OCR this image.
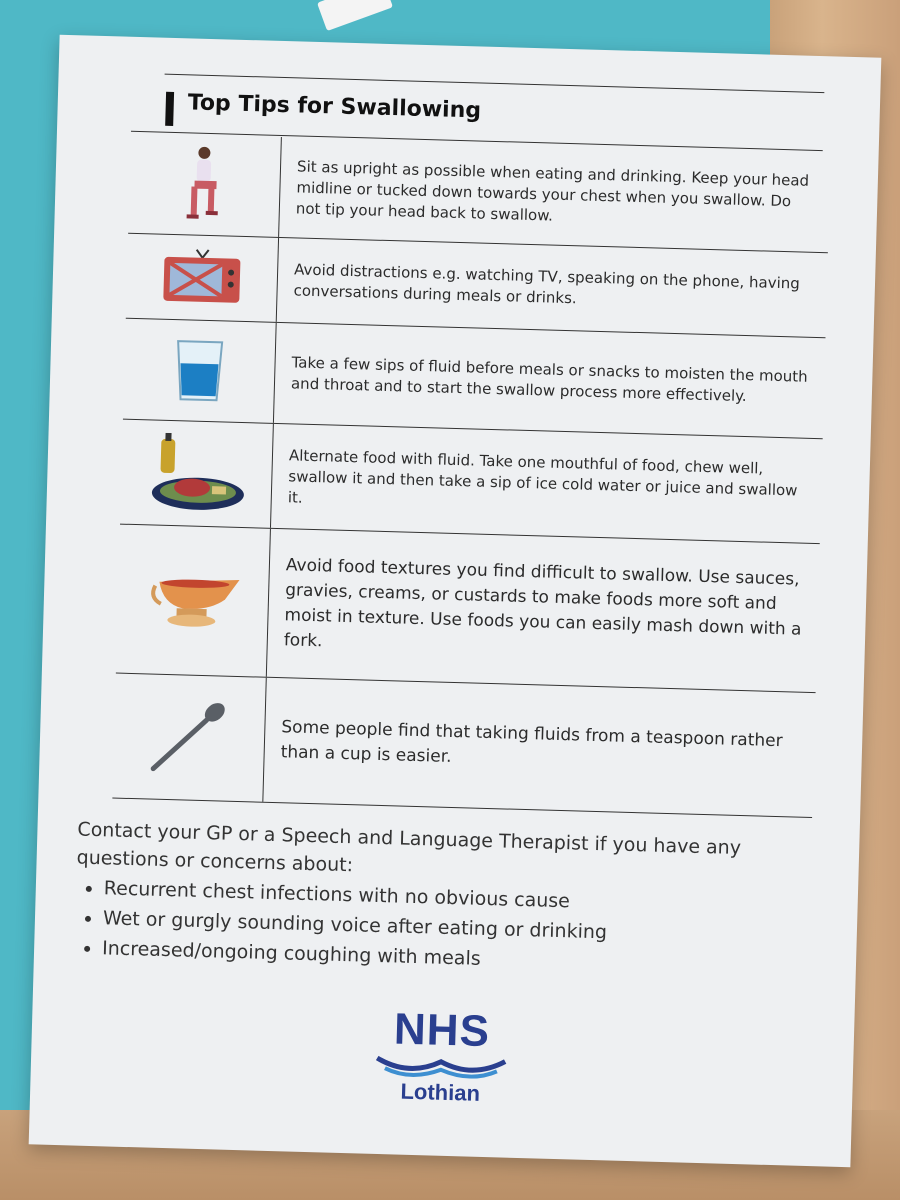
Top Tips for Swallowing
Sit as upright as possible when eating and drinking. Keep your head midline or tucked down towards your chest when you swallow. Do not tip your head back to swallow.
Avoid distractions e.g. watching TV, speaking on the phone, having conversations during meals or drinks.
Take a few sips of fluid before meals or snacks to moisten the mouth and throat and to start the swallow process more effectively.
Alternate food with fluid. Take one mouthful of food, chew well, swallow it and then take a sip of ice cold water or juice and swallow it.
Avoid food textures you find difficult to swallow. Use sauces, gravies, creams, or custards to make foods more soft and moist in texture. Use foods you can easily mash down with a fork.
Some people find that taking fluids from a teaspoon rather than a cup is easier.
Contact your GP or a Speech and Language Therapist if you have any questions or concerns about:
• Recurrent chest infections with no obvious cause
• Wet or gurgly sounding voice after eating or drinking
• Increased/ongoing coughing with meals
NHS
Lothian
